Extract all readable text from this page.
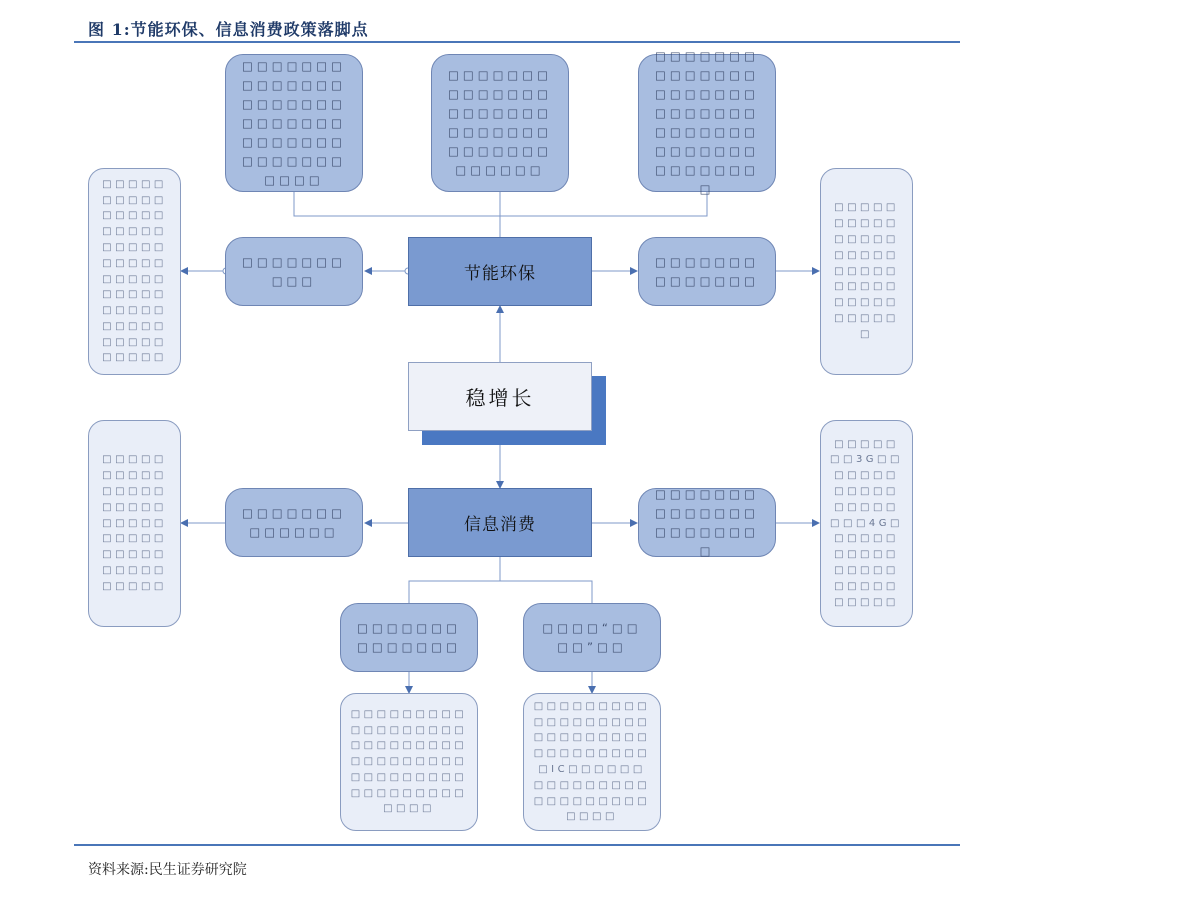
图 1:节能环保、信息消费政策落脚点
□□□□□□□□□□□□□□□□□□□□□□□□□□□□□□□□□□□□□□□□□□□□□□
□□□□□□□□□□□□□□□□□□□□□□□□□□□□□□□□□□□□□□□□□
□□□□□□□□□□□□□□□□□□□□□□□□□□□□□□□□□□□□□□□□□□□□□□□□□□
□□□□□□□□□□□□□□□□□□□□□□□□□□□□□□□□□□□□□□□□□□□□□□□□□□□□□□□□□□□□
□□□□□□□□□□	节能环保
□□□□□□□□□□□□□□
□□□□□□□□□□□□□□□□□□□□□□□□□□□□□□□□□□□□□□□□□
稳增长
□□□□□□□□□□□□□□□□□□□□□□□□□□□□□□□□□□□□□□□□□□□□□
□□□□□□□□□□□□□	信息消费
□□□□□□□□□□□□□□□□□□□□□□
□□□□□□□3G□□□□□□□□□□□□□□□□□□□□4G□□□□□□□□□□□□□□□□□□□□□□□□□□
□□□□□□□□□□□□□□
□□□□“□□□□”□□
□□□□□□□□□□□□□□□□□□□□□□□□□□□□□□□□□□□□□□□□□□□□□□□□□□□□□□□□□□
□□□□□□□□□□□□□□□□□□□□□□□□□□□□□□□□□□□□□IC□□□□□□□□□□□□□□□□□□□□□□□□□□□□
资料来源:民生证券研究院
